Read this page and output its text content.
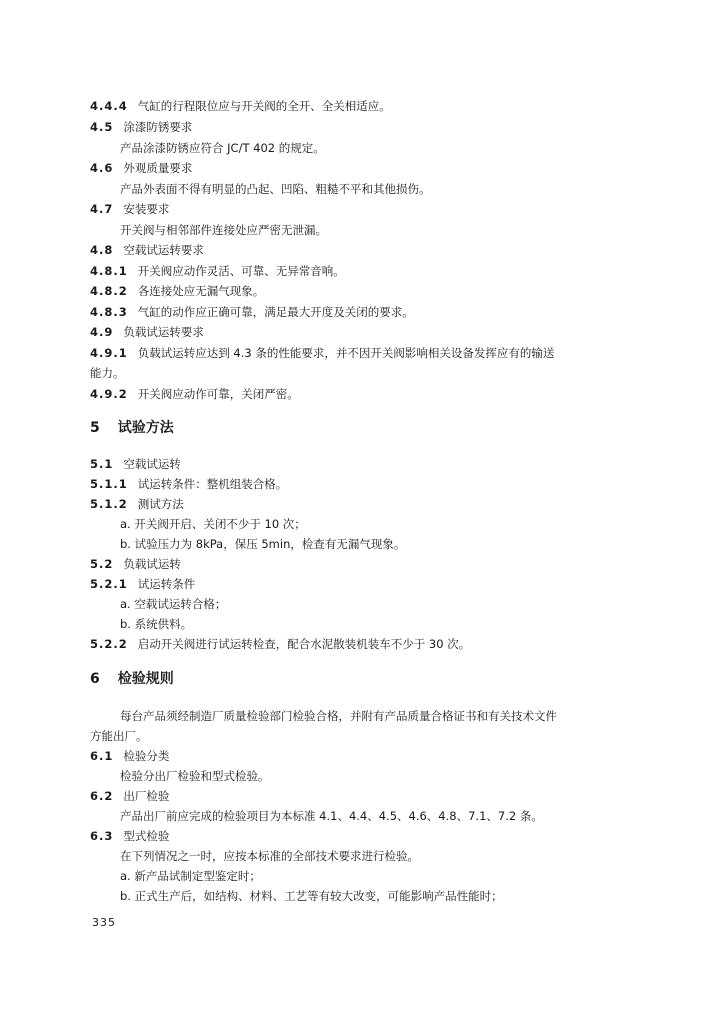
4.4.4 气缸的行程限位应与开关阀的全开、全关相适应。
4.5 涂漆防锈要求
产品涂漆防锈应符合 JC/T 402 的规定。
4.6 外观质量要求
产品外表面不得有明显的凸起、凹陷、粗糙不平和其他损伤。
4.7 安装要求
开关阀与相邻部件连接处应严密无泄漏。
4.8 空载试运转要求
4.8.1 开关阀应动作灵活、可靠、无异常音响。
4.8.2 各连接处应无漏气现象。
4.8.3 气缸的动作应正确可靠，满足最大开度及关闭的要求。
4.9 负载试运转要求
4.9.1 负载试运转应达到 4.3 条的性能要求，并不因开关阀影响相关设备发挥应有的输送
能力。
4.9.2 开关阀应动作可靠，关闭严密。
5 试验方法
5.1 空载试运转
5.1.1 试运转条件：整机组装合格。
5.1.2 测试方法
a. 开关阀开启、关闭不少于 10 次；
b. 试验压力为 8kPa，保压 5min，检查有无漏气现象。
5.2 负载试运转
5.2.1 试运转条件
a. 空载试运转合格；
b. 系统供料。
5.2.2 启动开关阀进行试运转检查，配合水泥散装机装车不少于 30 次。
6 检验规则
每台产品须经制造厂质量检验部门检验合格，并附有产品质量合格证书和有关技术文件
方能出厂。
6.1 检验分类
检验分出厂检验和型式检验。
6.2 出厂检验
产品出厂前应完成的检验项目为本标准 4.1、4.4、4.5、4.6、4.8、7.1、7.2 条。
6.3 型式检验
在下列情况之一时，应按本标准的全部技术要求进行检验。
a. 新产品试制定型鉴定时；
b. 正式生产后，如结构、材料、工艺等有较大改变，可能影响产品性能时；
335
